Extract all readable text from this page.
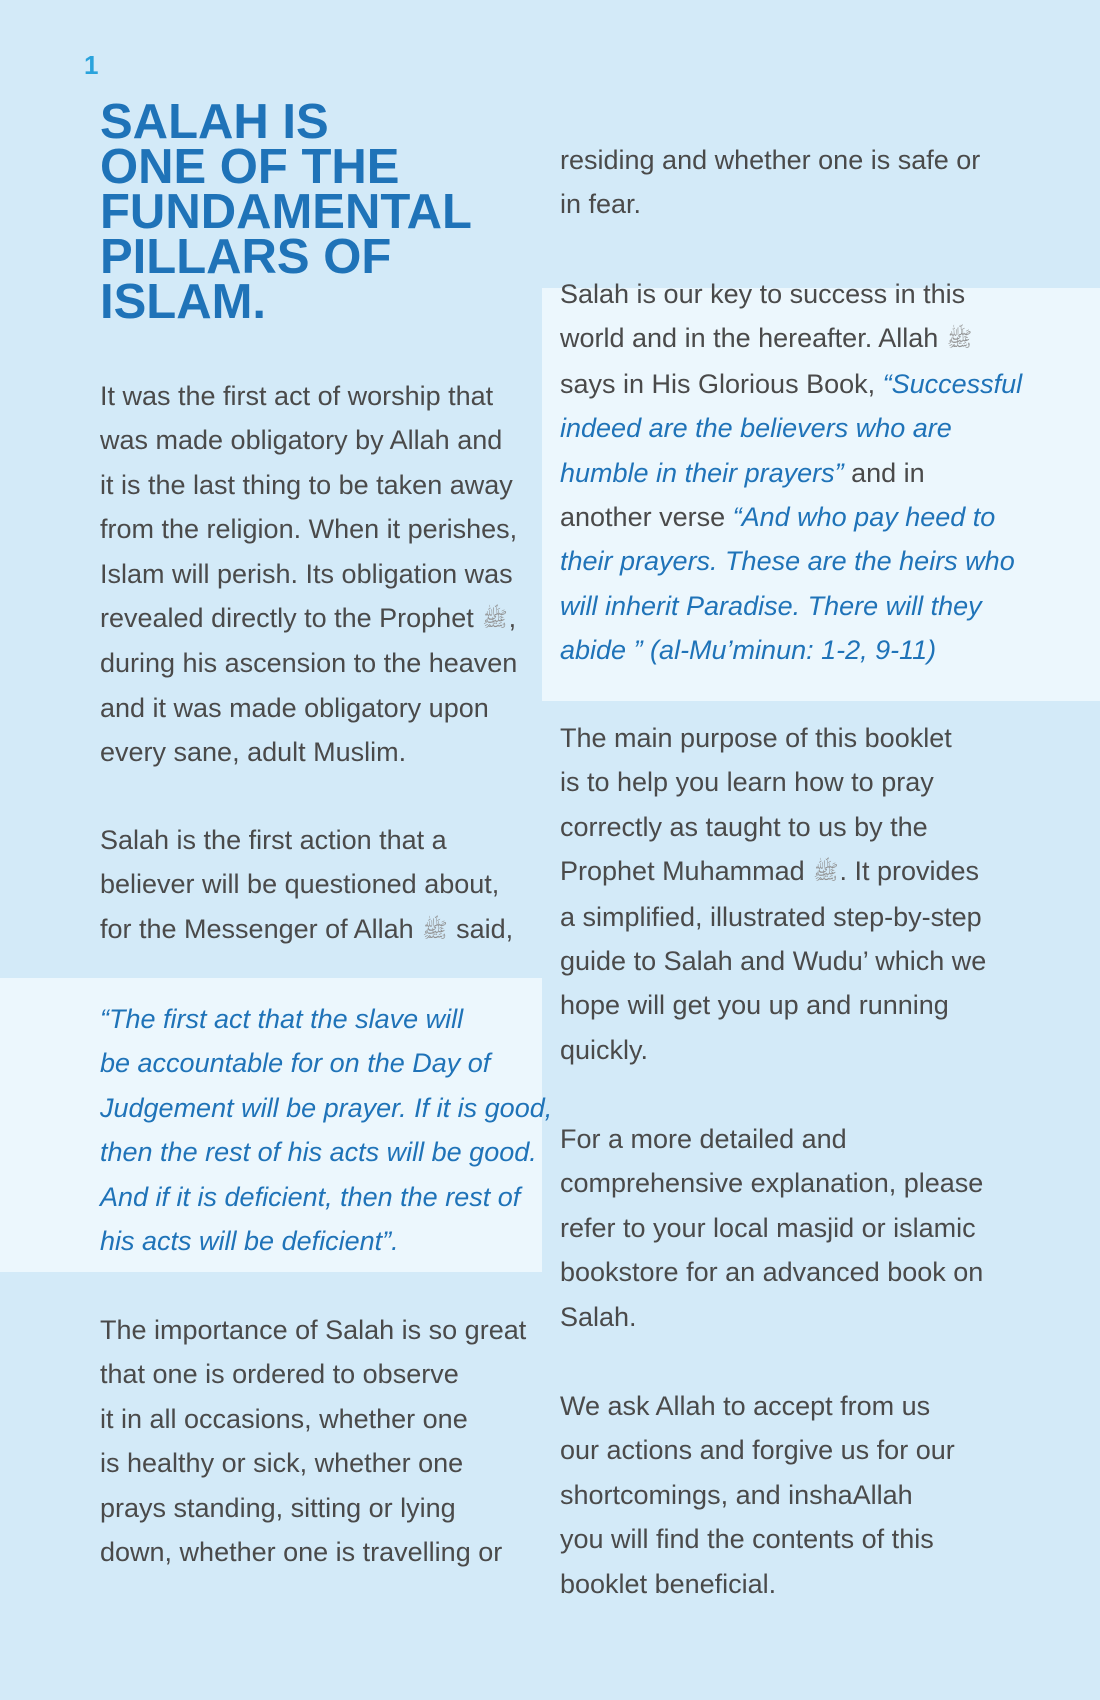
1
SALAH IS
ONE OF THE
FUNDAMENTAL
PILLARS OF
ISLAM.

It was the first act of worship that
was made obligatory by Allah and
it is the last thing to be taken away
from the religion. When it perishes,
Islam will perish. Its obligation was
revealed directly to the Prophet ﷺ,
during his ascension to the heaven
and it was made obligatory upon
every sane, adult Muslim.

Salah is the first action that a
believer will be questioned about,
for the Messenger of Allah ﷺ said,

“The first act that the slave will
be accountable for on the Day of
Judgement will be prayer. If it is good,
then the rest of his acts will be good.
And if it is deficient, then the rest of
his acts will be deficient”.

The importance of Salah is so great
that one is ordered to observe
it in all occasions, whether one
is healthy or sick, whether one
prays standing, sitting or lying
down, whether one is travelling or

residing and whether one is safe or
in fear.

Salah is our key to success in this
world and in the hereafter. Allah ﷺ
says in His Glorious Book, “Successful
indeed are the believers who are
humble in their prayers” and in
another verse “And who pay heed to
their prayers. These are the heirs who
will inherit Paradise. There will they
abide ” (al-Mu’minun: 1-2, 9-11)

The main purpose of this booklet
is to help you learn how to pray
correctly as taught to us by the
Prophet Muhammad ﷺ. It provides
a simplified, illustrated step-by-step
guide to Salah and Wudu’ which we
hope will get you up and running
quickly.

For a more detailed and
comprehensive explanation, please
refer to your local masjid or islamic
bookstore for an advanced book on
Salah.

We ask Allah to accept from us
our actions and forgive us for our
shortcomings, and inshaAllah
you will find the contents of this
booklet beneficial.
